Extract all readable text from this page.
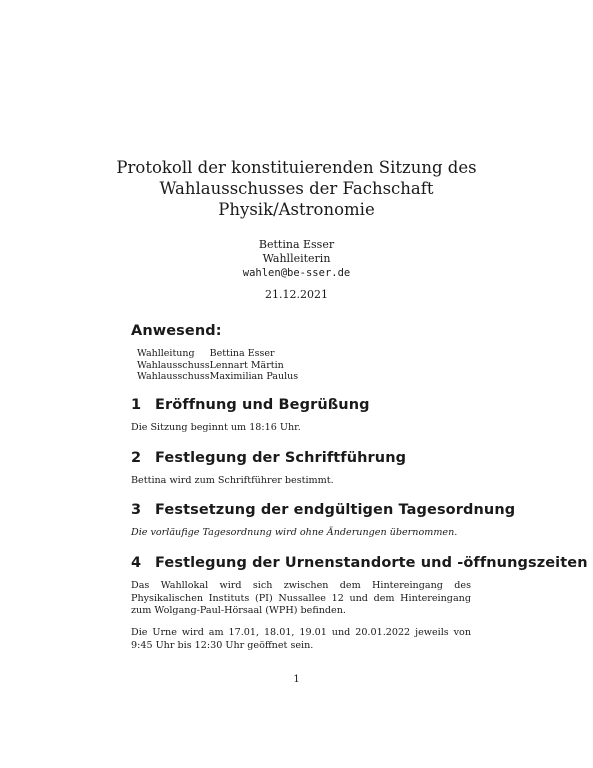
Protokoll der konstituierenden Sitzung des

Wahlausschusses der Fachschaft

Physik/Astronomie

Bettina Esser
Wahlleiterin
wahlen@be-sser.de
21.12.2021
Anwesend:
Wahlleitung	Bettina Esser
Wahlausschuss	Lennart Märtin
Wahlausschuss	Maximilian Paulus
1 Eröffnung und Begrüßung
Die Sitzung beginnt um 18:16 Uhr.
2 Festlegung der Schriftführung
Bettina wird zum Schriftführer bestimmt.
3 Festsetzung der endgültigen Tagesordnung
Die vorläufige Tagesordnung wird ohne Änderungen übernommen.
4 Festlegung der Urnenstandorte und -öffnungszeiten
Das Wahllokal wird sich zwischen dem Hintereingang des Physikalischen Instituts (PI) Nussallee 12 und dem Hintereingang zum Wolgang-Paul-Hörsaal (WPH) befinden.
Die Urne wird am 17.01, 18.01, 19.01 und 20.01.2022 jeweils von 9:45 Uhr bis 12:30 Uhr geöffnet sein.
1
